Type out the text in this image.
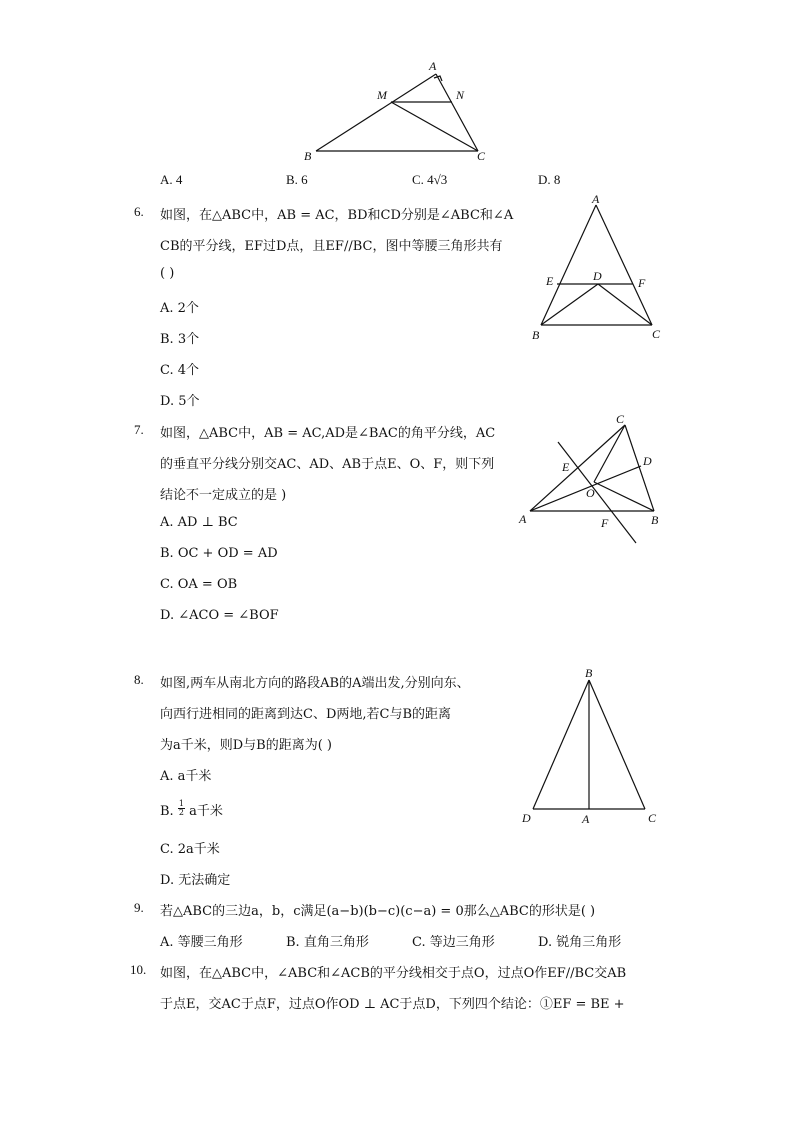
A
M	N
B	C
A. 4	B. 6	C. 4√3	D. 8
6. 如图，在△ABC中，AB = AC，BD和CD分别是∠ABC和∠A
CB的平分线，EF过D点，且EF//BC，图中等腰三角形共有
( )
A. 2个
B. 3个
C. 4个
D. 5个
A
E	D	F
B	C
7. 如图，△ABC中，AB = AC,AD是∠BAC的角平分线，AC
的垂直平分线分别交AC、AD、AB于点E、O、F，则下列
结论不一定成立的是 )
A. AD ⊥ BC
B. OC + OD = AD
C. OA = OB
D. ∠ACO = ∠BOF
C
E	D
O
A	F	B
8. 如图,两车从南北方向的路段AB的A端出发,分别向东、
向西行进相同的距离到达C、D两地,若C与B的距离
为a千米，则D与B的距离为( )
A. a千米
B. $\frac{1}{2}$ a千米
C. 2a千米
D. 无法确定
B
D	A	C
9. 若△ABC的三边a，b，c满足(a−b)(b−c)(c−a) = 0那么△ABC的形状是( )
A. 等腰三角形	B. 直角三角形	C. 等边三角形	D. 锐角三角形
10. 如图，在△ABC中，∠ABC和∠ACB的平分线相交于点O，过点O作EF//BC交AB
于点E，交AC于点F，过点O作OD ⊥ AC于点D，下列四个结论：①EF = BE +
